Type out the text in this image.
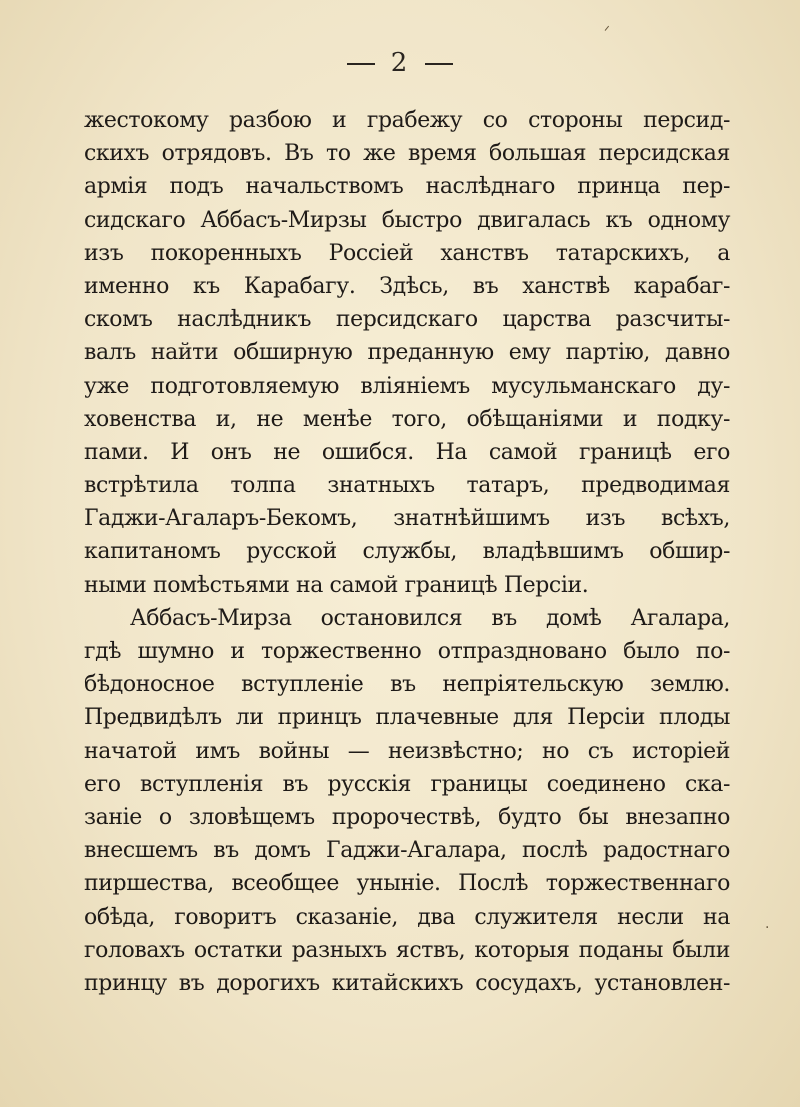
ᐟ
2
жестокому разбою и грабежу со стороны персид-
скихъ отрядовъ. Въ то же время большая персидская
армія подъ начальствомъ наслѣднаго принца пер-
сидскаго Аббасъ-Мирзы быстро двигалась къ одному
изъ покоренныхъ Россіей ханствъ татарскихъ, а
именно къ Карабагу. Здѣсь, въ ханствѣ карабаг-
скомъ наслѣдникъ персидскаго царства разсчиты-
валъ найти обширную преданную ему партію, давно
уже подготовляемую вліяніемъ мусульманскаго ду-
ховенства и, не менѣе того, обѣщаніями и подку-
пами. И онъ не ошибся. На самой границѣ его
встрѣтила толпа знатныхъ татаръ, предводимая
Гаджи-Агаларъ-Бекомъ, знатнѣйшимъ изъ всѣхъ,
капитаномъ русской службы, владѣвшимъ обшир-
ными помѣстьями на самой границѣ Персіи.
Аббасъ-Мирза остановился въ домѣ Агалара,
гдѣ шумно и торжественно отпраздновано было по-
бѣдоносное вступленіе въ непріятельскую землю.
Предвидѣлъ ли принцъ плачевные для Персіи плоды
начатой имъ войны — неизвѣстно; но съ исторіей
его вступленія въ русскія границы соединено ска-
заніе о зловѣщемъ пророчествѣ, будто бы внезапно
внесшемъ въ домъ Гаджи-Агалара, послѣ радостнаго
пиршества, всеобщее уныніе. Послѣ торжественнаго
обѣда, говоритъ сказаніе, два служителя несли на
головахъ остатки разныхъ яствъ, которыя поданы были
принцу въ дорогихъ китайскихъ сосудахъ, установлен-
·
